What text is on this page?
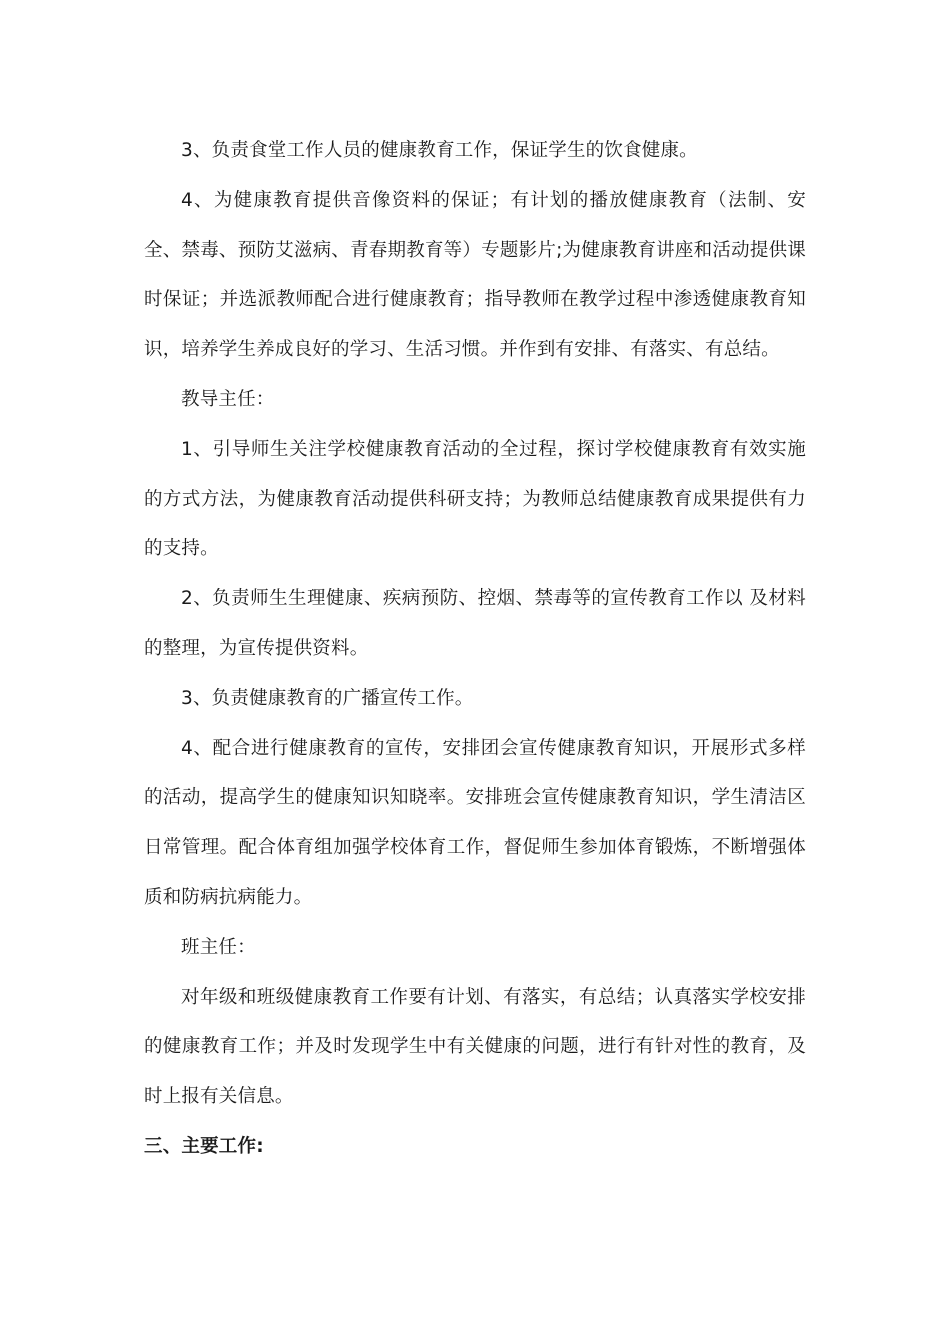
3、负责食堂工作人员的健康教育工作，保证学生的饮食健康。

4、为健康教育提供音像资料的保证；有计划的播放健康教育（法制、安全、禁毒、预防艾滋病、青春期教育等）专题影片;为健康教育讲座和活动提供课时保证；并选派教师配合进行健康教育；指导教师在教学过程中渗透健康教育知识，培养学生养成良好的学习、生活习惯。并作到有安排、有落实、有总结。

教导主任：

1、引导师生关注学校健康教育活动的全过程，探讨学校健康教育有效实施的方式方法，为健康教育活动提供科研支持；为教师总结健康教育成果提供有力的支持。

2、负责师生生理健康、疾病预防、控烟、禁毒等的宣传教育工作以 及材料的整理，为宣传提供资料。

3、负责健康教育的广播宣传工作。

4、配合进行健康教育的宣传，安排团会宣传健康教育知识，开展形式多样的活动，提高学生的健康知识知晓率。安排班会宣传健康教育知识，学生清洁区日常管理。配合体育组加强学校体育工作，督促师生参加体育锻炼，不断增强体质和防病抗病能力。

班主任：

对年级和班级健康教育工作要有计划、有落实，有总结；认真落实学校安排的健康教育工作；并及时发现学生中有关健康的问题，进行有针对性的教育，及时上报有关信息。

三、主要工作:
